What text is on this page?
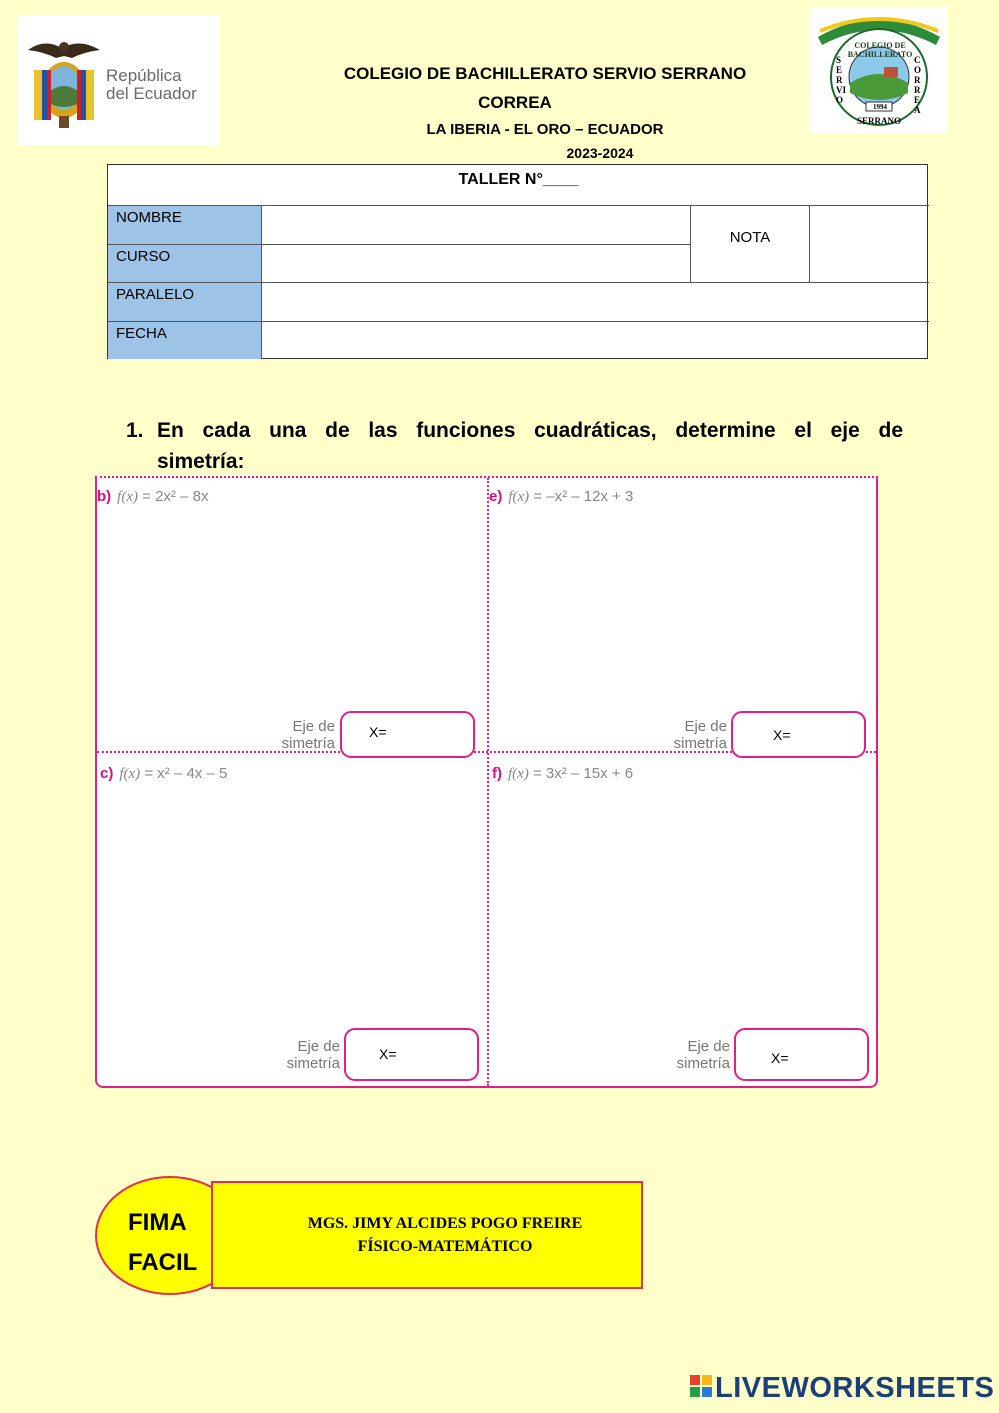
República
del Ecuador
COLEGIO DE BACHILLERATO
SERVIO
CORREA
1994
SERRANO
COLEGIO DE BACHILLERATO SERVIO SERRANO
CORREA
LA IBERIA - EL ORO – ECUADOR
2023-2024
TALLER N°____
NOMBRE
NOTA
CURSO
PARALELO
FECHA
1. En cada una de las funciones cuadráticas, determine el eje de
simetría:
b) f(x) = 2x² – 8x
Eje de
simetría
X=
e) f(x) = –x² – 12x + 3
Eje de
simetría	X=
c) f(x) = x² – 4x – 5
Eje de
simetría
X=
f) f(x) = 3x² – 15x + 6
Eje de
simetría	X=
FIMA
FACIL
MGS. JIMY ALCIDES POGO FREIRE
FÍSICO-MATEMÁTICO
LIVEWORKSHEETS
